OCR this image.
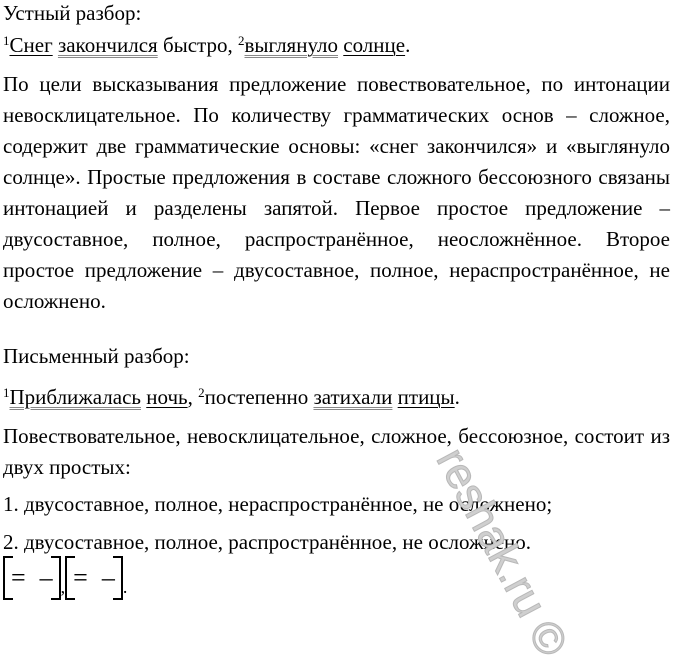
Устный разбор:
$^1$Снег закончился быстро, $^2$выглянуло солнце.
По цели высказывания предложение повествовательное, по интонации невосклицательное. По количеству грамматических основ – сложное, содержит две грамматические основы: «снег закончился» и «выглянуло солнце». Простые предложения в составе сложного бессоюзного связаны интонацией и разделены запятой. Первое простое предложение – двусоставное, полное, распространённое, неосложнённое. Второе простое предложение – двусоставное, полное, нераспространённое, не осложнено.
Письменный разбор:
$^1$Приближалась ночь, $^2$постепенно затихали птицы.
Повествовательное, невосклицательное, сложное, бессоюзное, состоит из двух простых:
1. двусоставное, полное, нераспространённое, не осложнено;
2. двусоставное, полное, распространённое, не осложнено.
= – , = – .	reshak.ru ©
